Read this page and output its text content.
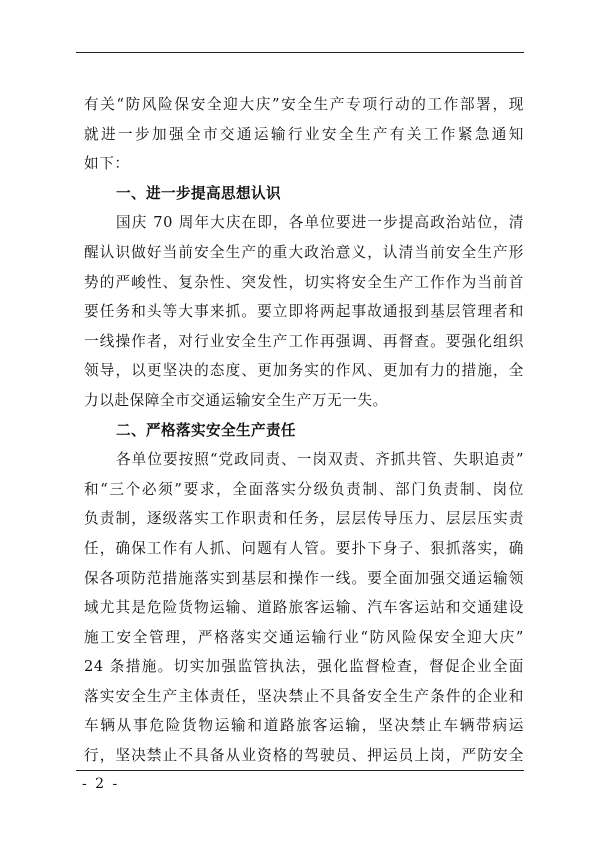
有关“防风险保安全迎大庆”安全生产专项行动的工作部署，现
就进一步加强全市交通运输行业安全生产有关工作紧急通知
如下：
一、进一步提高思想认识
国庆 70 周年大庆在即，各单位要进一步提高政治站位，清
醒认识做好当前安全生产的重大政治意义，认清当前安全生产形
势的严峻性、复杂性、突发性，切实将安全生产工作作为当前首
要任务和头等大事来抓。要立即将两起事故通报到基层管理者和
一线操作者，对行业安全生产工作再强调、再督查。要强化组织
领导，以更坚决的态度、更加务实的作风、更加有力的措施，全
力以赴保障全市交通运输安全生产万无一失。
二、严格落实安全生产责任
各单位要按照“党政同责、一岗双责、齐抓共管、失职追责”
和“三个必须”要求，全面落实分级负责制、部门负责制、岗位
负责制，逐级落实工作职责和任务，层层传导压力、层层压实责
任，确保工作有人抓、问题有人管。要扑下身子、狠抓落实，确
保各项防范措施落实到基层和操作一线。要全面加强交通运输领
域尤其是危险货物运输、道路旅客运输、汽车客运站和交通建设
施工安全管理，严格落实交通运输行业“防风险保安全迎大庆”
24 条措施。切实加强监管执法，强化监督检查，督促企业全面
落实安全生产主体责任，坚决禁止不具备安全生产条件的企业和
车辆从事危险货物运输和道路旅客运输，坚决禁止车辆带病运
行，坚决禁止不具备从业资格的驾驶员、押运员上岗，严防安全
- 2 -
